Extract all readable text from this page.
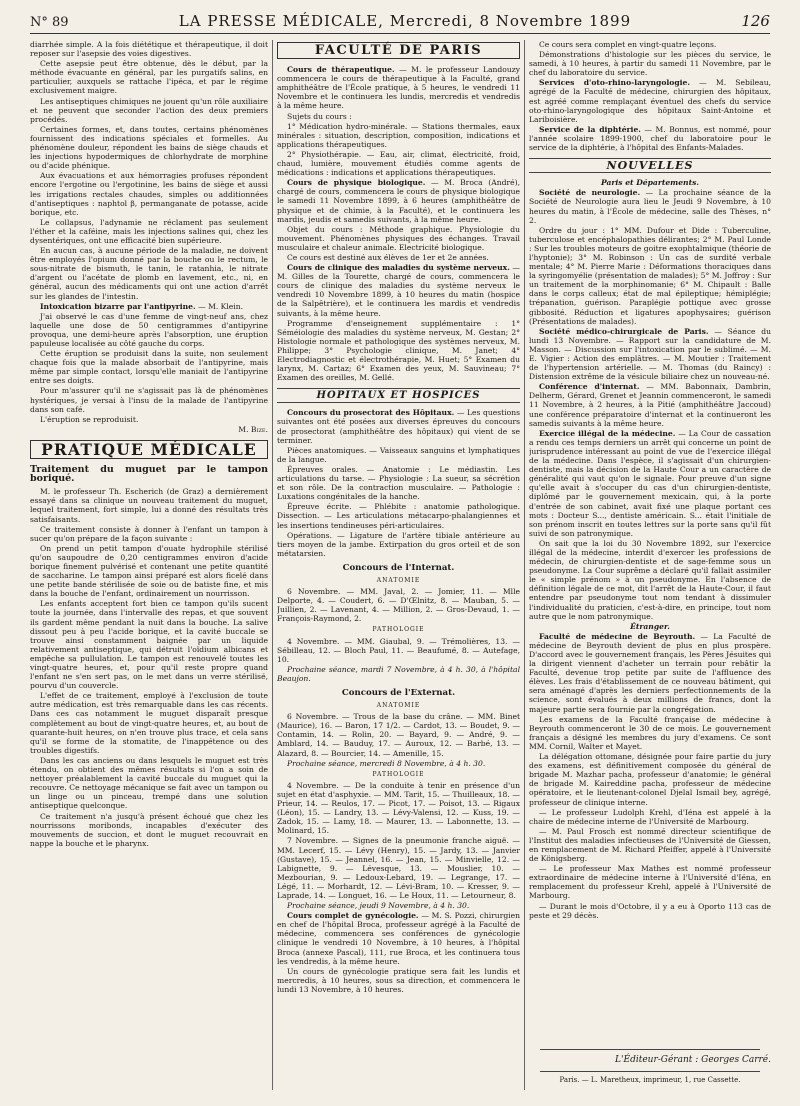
N° 89	LA PRESSE MÉDICALE, Mercredi, 8 Novembre 1899	126

diarrhée simple. A la fois diététique et thérapeutique, il doit reposer sur l'asepsie des voies digestives.

Cette asepsie peut être obtenue, dès le début, par la méthode évacuante en général, par les purgatifs salins, en particulier, auxquels se rattache l'ipéca, et par le régime exclusivement maigre.

Les antiseptiques chimiques ne jouent qu'un rôle auxiliaire et ne peuvent que seconder l'action des deux premiers procédés.

Certaines formes, et, dans toutes, certains phénomènes fournissent des indications spéciales et formelles. Au phénomène douleur, répondent les bains de siège chauds et les injections hypodermiques de chlorhydrate de morphine ou d'acide phénique.

Aux évacuations et aux hémorragies profuses répondent encore l'ergotine ou l'ergotinine, les bains de siège et aussi les irrigations rectales chaudes, simples ou additionnées d'antiseptiques : naphtol β, permanganate de potasse, acide borique, etc.

Le collapsus, l'adynamie ne réclament pas seulement l'éther et la caféine, mais les injections salines qui, chez les dysentériques, ont une efficacité bien supérieure.

En aucun cas, à aucune période de la maladie, ne doivent être employés l'opium donné par la bouche ou le rectum, le sous-nitrate de bismuth, le tanin, le ratanhia, le nitrate d'argent ou l'acétate de plomb en lavement, etc., ni, en général, aucun des médicaments qui ont une action d'arrêt sur les glandes de l'intestin.

Intoxication bizarre par l'antipyrine. — M. Klein.

J'ai observé le cas d'une femme de vingt-neuf ans, chez laquelle une dose de 50 centigrammes d'antipyrine provoqua, une demi-heure après l'absorption, une éruption papuleuse localisée au côté gauche du corps.

Cette éruption se produisit dans la suite, non seulement chaque fois que la malade absorbait de l'antipyrine, mais même par simple contact, lorsqu'elle maniait de l'antipyrine entre ses doigts.

Pour m'assurer qu'il ne s'agissait pas là de phénomènes hystériques, je versai à l'insu de la malade de l'antipyrine dans son café.

L'éruption se reproduisit.

M. Bize.

PRATIQUE MÉDICALE

Traitement du muguet par le tampon boriqué.

M. le professeur Th. Escherich (de Graz) a dernièrement essayé dans sa clinique un nouveau traitement du muguet, lequel traitement, fort simple, lui a donné des résultats très satisfaisants.

Ce traitement consiste à donner à l'enfant un tampon à sucer qu'on prépare de la façon suivante :

On prend un petit tampon d'ouate hydrophile stérilisé qu'on saupoudre de 0,20 centigrammes environ d'acide borique finement pulvérisé et contenant une petite quantité de saccharine. Le tampon ainsi préparé est alors ficelé dans une petite bande stérilisée de soie ou de batiste fine, et mis dans la bouche de l'enfant, ordinairement un nourrisson.

Les enfants acceptent fort bien ce tampon qu'ils sucent toute la journée, dans l'intervalle des repas, et que souvent ils gardent même pendant la nuit dans la bouche. La salive dissout peu à peu l'acide borique, et la cavité buccale se trouve ainsi constamment baignée par un liquide relativement antiseptique, qui détruit l'oïdium albicans et empêche sa pullulation. Le tampon est renouvelé toutes les vingt-quatre heures, et, pour qu'il reste propre quand l'enfant ne s'en sert pas, on le met dans un verre stérilisé, pourvu d'un couvercle.

L'effet de ce traitement, employé à l'exclusion de toute autre médication, est très remarquable dans les cas récents. Dans ces cas notamment le muguet disparaît presque complètement au bout de vingt-quatre heures, et, au bout de quarante-huit heures, on n'en trouve plus trace, et cela sans qu'il se forme de la stomatite, de l'inappétence ou des troubles digestifs.

Dans les cas anciens ou dans lesquels le muguet est très étendu, on obtient des mêmes résultats si l'on a soin de nettoyer préalablement la cavité buccale du muguet qui la recouvre. Ce nettoyage mécanique se fait avec un tampon ou un linge ou un pinceau, trempé dans une solution antiseptique quelconque.

Ce traitement n'a jusqu'à présent échoué que chez les nourrissons moribonds, incapables d'exécuter des mouvements de succion, et dont le muguet recouvrait en nappe la bouche et le pharynx.

FACULTÉ DE PARIS

Cours de thérapeutique. — M. le professeur Landouzy commencera le cours de thérapeutique à la Faculté, grand amphithéâtre de l'École pratique, à 5 heures, le vendredi 11 Novembre et le continuera les lundis, mercredis et vendredis à la même heure.

Sujets du cours :

1° Médication hydro-minérale. — Stations thermales, eaux minérales : situation, description, composition, indications et applications thérapeutiques.

2° Physiothérapie. — Eau, air, climat, électricité, froid, chaud, lumière, mouvement étudiés comme agents de médications : indications et applications thérapeutiques.

Cours de physique biologique. — M. Broca (André), chargé de cours, commencera le cours de physique biologique le samedi 11 Novembre 1899, à 6 heures (amphithéâtre de physique et de chimie, à la Faculté), et le continuera les mardis, jeudis et samedis suivants, à la même heure.

Objet du cours : Méthode graphique. Physiologie du mouvement. Phénomènes physiques des échanges. Travail musculaire et chaleur animale. Electricité biologique.

Ce cours est destiné aux élèves de 1er et 2e années.

Cours de clinique des maladies du système nerveux. — M. Gilles de la Tourette, chargé de cours, commencera le cours de clinique des maladies du système nerveux le vendredi 10 Novembre 1899, à 10 heures du matin (hospice de la Salpêtrière), et le continuera les mardis et vendredis suivants, à la même heure.

Programme d'enseignement supplémentaire : 1° Séméiologie des maladies du système nerveux, M. Gestan; 2° Histologie normale et pathologique des systèmes nerveux, M. Philippe; 3° Psychologie clinique, M. Janet; 4° Electrodiagnostic et électrothérapie, M. Huet; 5° Examen du larynx, M. Cartaz; 6° Examen des yeux, M. Sauvineau; 7° Examen des oreilles, M. Gellé.

HOPITAUX ET HOSPICES

Concours du prosectorat des Hôpitaux. — Les questions suivantes ont été posées aux diverses épreuves du concours de prosectorat (amphithéâtre des hôpitaux) qui vient de se terminer.

Pièces anatomiques. — Vaisseaux sanguins et lymphatiques de la langue.

Épreuves orales. — Anatomie : Le médiastin. Les articulations du tarse. — Physiologie : La sueur, sa sécrétion et son rôle. De la contraction musculaire. — Pathologie : Luxations congénitales de la hanche.

Épreuve écrite. — Phlébite : anatomie pathologique. Dissection. — Les articulations métacarpo-phalangiennes et les insertions tendineuses péri-articulaires.

Opérations. — Ligature de l'artère tibiale antérieure au tiers moyen de la jambe. Extirpation du gros orteil et de son métatarsien.

Concours de l'Internat.
ANATOMIE

6 Novembre. — MM. Javal, 2. — Jomier, 11. — Mlle Delporte, 4. — Coudert, 6. — D'Œlnitz, 8. — Mauban, 5. — Juillien, 2. — Lavenant, 4. — Million, 2. — Gros-Devaud, 1. — François-Raymond, 2.

PATHOLOGIE

4 Novembre. — MM. Giaubal, 9. — Trémolières, 13. — Sébilleau, 12. — Bloch Paul, 11. — Beaufumé, 8. — Autefage, 10.

Prochaine séance, mardi 7 Novembre, à 4 h. 30, à l'hôpital Beaujon.

Concours de l'Externat.
ANATOMIE

6 Novembre. — Trous de la base du crâne. — MM. Binet (Maurice), 16. — Baron, 17 1/2. — Cardot, 13. — Boudet, 9. — Contamin, 14. — Rolin, 20. — Bayard, 9. — André, 9. — Amblard, 14. — Bauduy, 17. — Auroux, 12. — Barbé, 13. — Alazard, 8. — Bourcier, 14. — Amenille, 15.

Prochaine séance, mercredi 8 Novembre, à 4 h. 30.

PATHOLOGIE

4 Novembre. — De la conduite à tenir en présence d'un sujet en état d'asphyxie. — MM. Tarit, 15. — Thuilleaux, 18. — Prieur, 14. — Reulos, 17. — Picot, 17. — Poisot, 13. — Rigaux (Léon), 15. — Landry, 13. — Lévy-Valensi, 12. — Kuss, 19. — Zadok, 15. — Lamy, 18. — Maurer, 13. — Labonnette, 13. — Molinard, 15.

7 Novembre. — Signes de la pneumonie franche aiguë. — MM. Lecerf, 15. — Lévy (Henry), 15. — Jardy, 13. — Janvier (Gustave), 15. — Jeannel, 16. — Jean, 15. — Minvielle, 12. — Labignette, 9. — Lévesque, 13. — Mouslier, 10. — Mezbourian, 9. — Ledoux-Lebard, 19. — Legrange, 17. — Légé, 11. — Morhardt, 12. — Lévi-Bram, 10. — Kresser, 9. — Laprade, 14. — Longuet, 16. — Le Houx, 11. — Letourneur, 8.

Prochaine séance, jeudi 9 Novembre, à 4 h. 30.

Cours complet de gynécologie. — M. S. Pozzi, chirurgien en chef de l'hôpital Broca, professeur agrégé à la Faculté de médecine, commencera ses conférences de gynécologie clinique le vendredi 10 Novembre, à 10 heures, à l'hôpital Broca (annexe Pascal), 111, rue Broca, et les continuera tous les vendredis, à la même heure.

Un cours de gynécologie pratique sera fait les lundis et mercredis, à 10 heures, sous sa direction, et commencera le lundi 13 Novembre, à 10 heures.

Ce cours sera complet en vingt-quatre leçons.

Démonstrations d'histologie sur les pièces du service, le samedi, à 10 heures, à partir du samedi 11 Novembre, par le chef du laboratoire du service.

Services d'oto-rhino-laryngologie. — M. Sebileau, agrégé de la Faculté de médecine, chirurgien des hôpitaux, est agréé comme remplaçant éventuel des chefs du service oto-rhino-laryngologique des hôpitaux Saint-Antoine et Lariboisière.

Service de la diphtérie. — M. Bonnus, est nommé, pour l'année scolaire 1899-1900, chef du laboratoire pour le service de la diphtérie, à l'hôpital des Enfants-Malades.

NOUVELLES

Paris et Départements.

Société de neurologie. — La prochaine séance de la Société de Neurologie aura lieu le Jeudi 9 Novembre, à 10 heures du matin, à l'École de médecine, salle des Thèses, n° 2.

Ordre du jour : 1° MM. Dufour et Dide : Tuberculine, tuberculose et encéphalopathies délirantes; 2° M. Paul Londe : Sur les troubles moteurs de goitre exophtalmique (théorie de l'hyptonie); 3° M. Robinson : Un cas de surdité verbale mentale; 4° M. Pierre Marie : Déformations thoraciques dans la syringomyélie (présentation de malades); 5° M. Joffroy : Sur un traitement de la morphinomanie; 6° M. Chipault : Balle dans le corps calleux; état de mal épileptique; hémiplégie; trépanation, guérison. Paraplégie pottique avec grosse gibbosité. Réduction et ligatures apophysaires; guérison (Présentations de malades).

Société médico-chirurgicale de Paris. — Séance du lundi 13 Novembre. — Rapport sur la candidature de M. Masson. — Discussion sur l'intoxication par le sublimé. — M. E. Vigier : Action des emplâtres. — M. Moutier : Traitement de l'hypertension artérielle. — M. Thomas (du Raincy) : Distension extrême de la vésicule biliaire chez un nouveau-né.

Conférence d'internat. — MM. Babonnaix, Dambrin, Delherm, Gérard, Grenet et Jeannin commenceront, le samedi 11 Novembre, à 2 heures, à la Pitié (amphithéâtre Jaccoud) une conférence préparatoire d'internat et la continueront les samedis suivants à la même heure.

Exercice illégal de la médecine. — La Cour de cassation a rendu ces temps derniers un arrêt qui concerne un point de jurisprudence intéressant au point de vue de l'exercice illégal de la médecine. Dans l'espèce, il s'agissait d'un chirurgien-dentiste, mais la décision de la Haute Cour a un caractère de généralité qui vaut qu'on le signale. Pour preuve d'un signe qu'elle avait à s'occuper du cas d'un chirurgien-dentiste, diplômé par le gouvernement mexicain, qui, à la porte d'entrée de son cabinet, avait fixé une plaque portant ces mots : Docteur S..., dentiste américain. S... était l'initiale de son prénom inscrit en toutes lettres sur la porte sans qu'il fût suivi de son patronymique.

On sait que la loi du 30 Novembre 1892, sur l'exercice illégal de la médecine, interdit d'exercer les professions de médecin, de chirurgien-dentiste et de sage-femme sous un pseudonyme. La Cour suprême a déclaré qu'il fallait assimiler le « simple prénom » à un pseudonyme. En l'absence de définition légale de ce mot, dit l'arrêt de la Haute-Cour, il faut entendre par pseudonyme tout nom tendant à dissimuler l'individualité du praticien, c'est-à-dire, en principe, tout nom autre que le nom patronymique.

Étranger.

Faculté de médecine de Beyrouth. — La Faculté de médecine de Beyrouth devient de plus en plus prospère. D'accord avec le gouvernement français, les Pères Jésuites qui la dirigent viennent d'acheter un terrain pour rebâtir la Faculté, devenue trop petite par suite de l'affluence des élèves. Les frais d'établissement de ce nouveau bâtiment, qui sera aménagé d'après les derniers perfectionnements de la science, sont évalués à deux millions de francs, dont la majeure partie sera fournie par la congrégation.

Les examens de la Faculté française de médecine à Beyrouth commenceront le 30 de ce mois. Le gouvernement français a désigné les membres du jury d'examens. Ce sont MM. Cornil, Walter et Mayet.

La délégation ottomane, désignée pour faire partie du jury des examens, est définitivement composée du général de brigade M. Mazhar pacha, professeur d'anatomie; le général de brigade M. Kaireddine pacha, professeur de médecine opératoire, et le lieutenant-colonel Djelal Ismail bey, agrégé, professeur de clinique interne.

— Le professeur Ludolph Krehl, d'Iéna est appelé à la chaire de médecine interne de l'Université de Marbourg.

— M. Paul Frosch est nommé directeur scientifique de l'Institut des maladies infectieuses de l'Université de Giessen, en remplacement de M. Richard Pfeiffer, appelé à l'Université de Königsberg.

— Le professeur Max Mathes est nommé professeur extraordinaire de médecine interne à l'Université d'Iéna, en remplacement du professeur Krehl, appelé à l'Université de Marbourg.

— Durant le mois d'Octobre, il y a eu à Oporto 113 cas de peste et 29 décès.

L'Éditeur-Gérant : Georges Carré.
Paris. — L. Maretheux, imprimeur, 1, rue Cassette.
